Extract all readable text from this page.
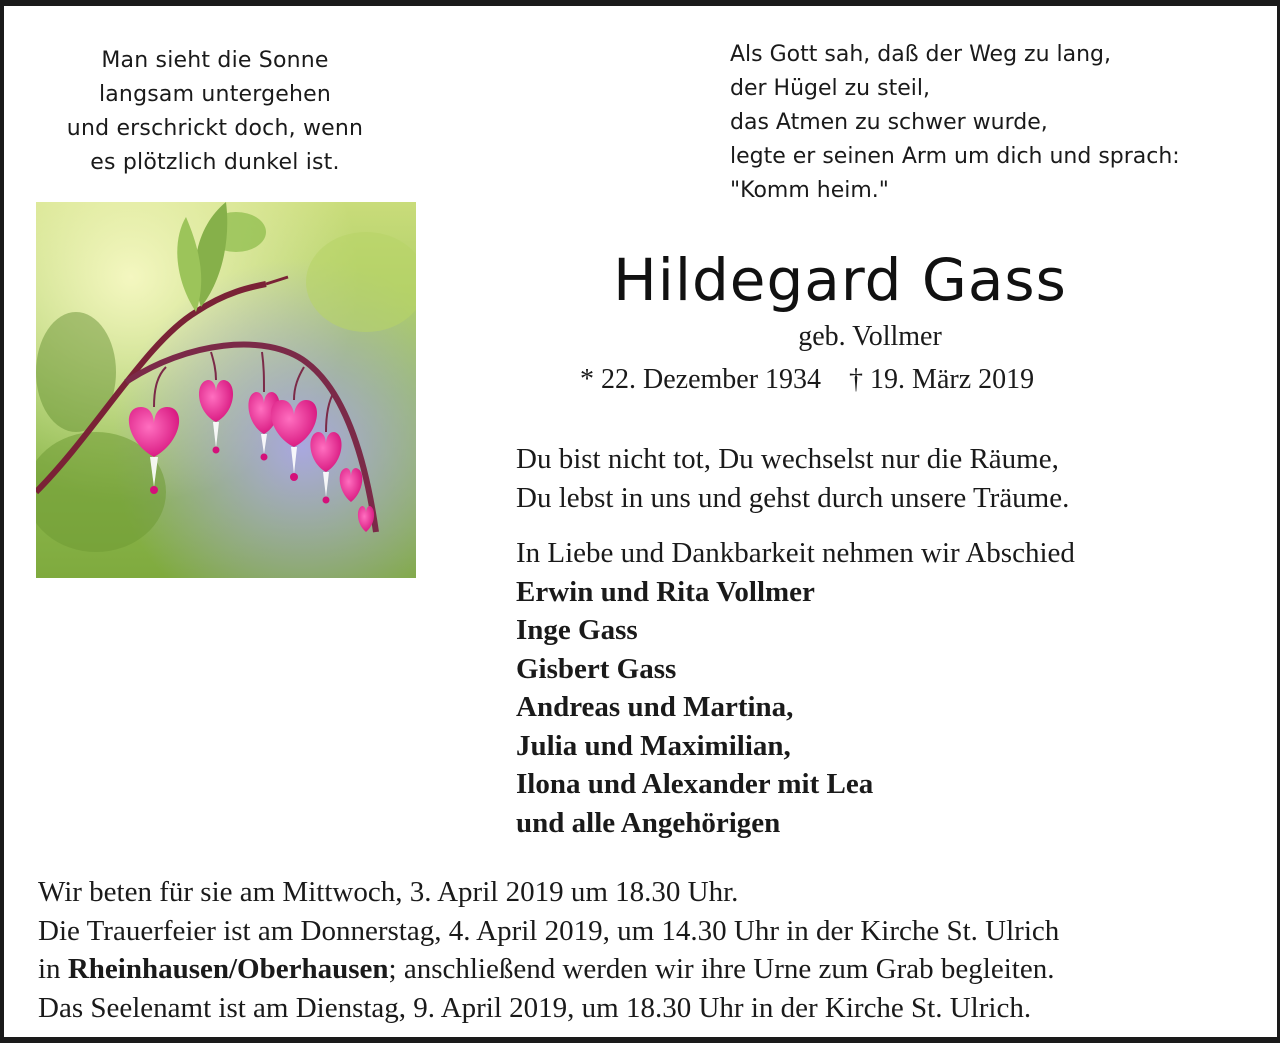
Man sieht die Sonne
langsam untergehen
und erschrickt doch, wenn
es plötzlich dunkel ist.
Als Gott sah, daß der Weg zu lang,
der Hügel zu steil,
das Atmen zu schwer wurde,
legte er seinen Arm um dich und sprach:
"Komm heim."
Hildegard Gass
geb. Vollmer
* 22. Dezember 1934 † 19. März 2019
Du bist nicht tot, Du wechselst nur die Räume,
Du lebst in uns und gehst durch unsere Träume.
In Liebe und Dankbarkeit nehmen wir Abschied
Erwin und Rita Vollmer
Inge Gass
Gisbert Gass
Andreas und Martina,
Julia und Maximilian,
Ilona und Alexander mit Lea
und alle Angehörigen
Wir beten für sie am Mittwoch, 3. April 2019 um 18.30 Uhr.
Die Trauerfeier ist am Donnerstag, 4. April 2019, um 14.30 Uhr in der Kirche St. Ulrich
in Rheinhausen/Oberhausen; anschließend werden wir ihre Urne zum Grab begleiten.
Das Seelenamt ist am Dienstag, 9. April 2019, um 18.30 Uhr in der Kirche St. Ulrich.
